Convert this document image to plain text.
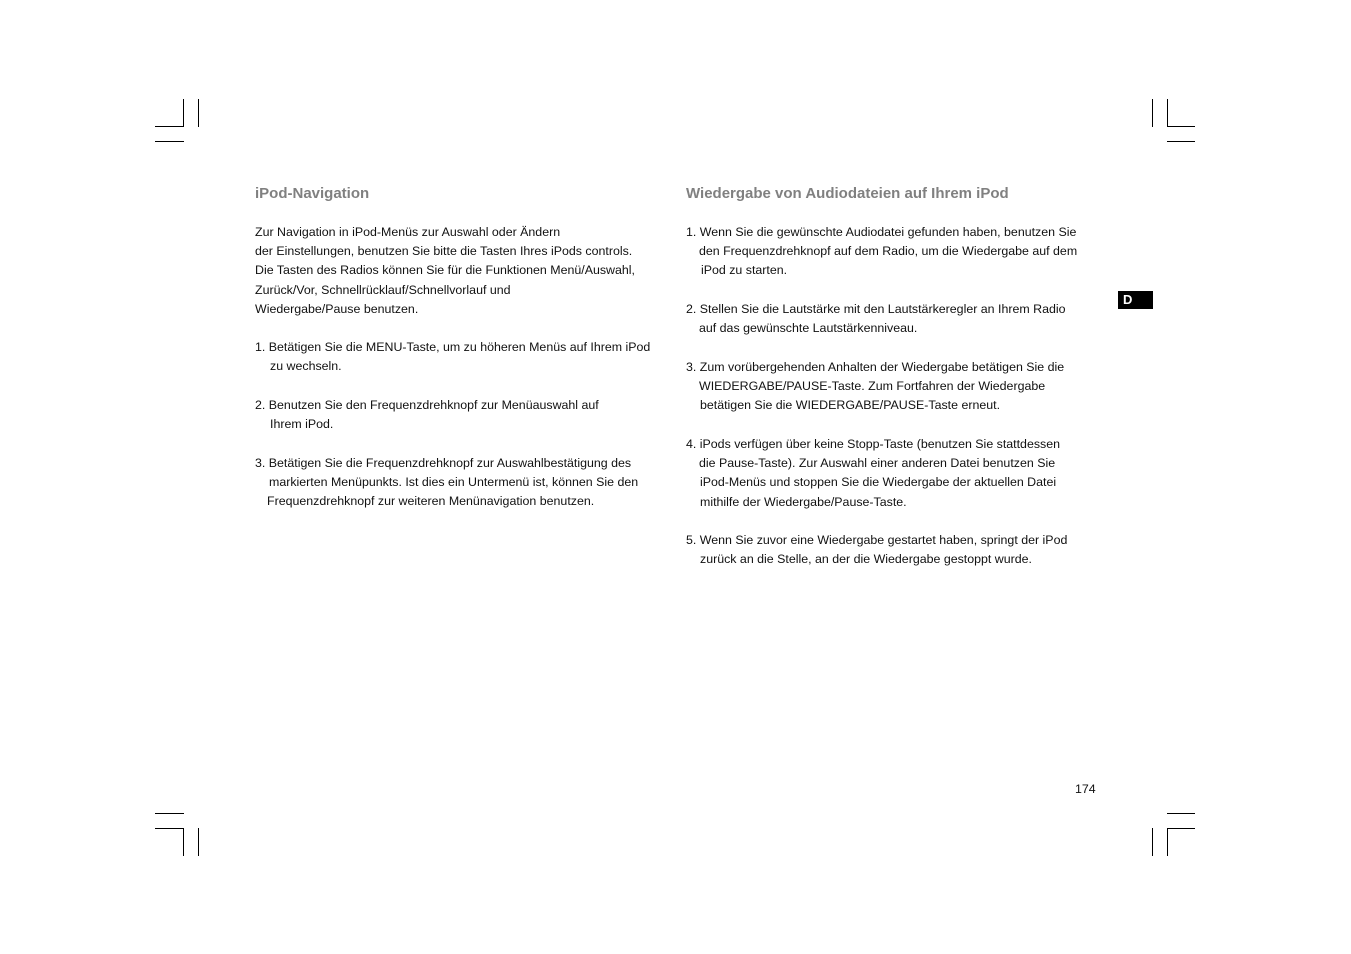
iPod-Navigation
Zur Navigation in iPod-Menüs zur Auswahl oder Ändern
der Einstellungen, benutzen Sie bitte die Tasten Ihres iPods controls.
Die Tasten des Radios können Sie für die Funktionen Menü/Auswahl,
Zurück/Vor, Schnellrücklauf/Schnellvorlauf und
Wiedergabe/Pause benutzen.
1. Betätigen Sie die MENU-Taste, um zu höheren Menüs auf Ihrem iPod
zu wechseln.
2. Benutzen Sie den Frequenzdrehknopf zur Menüauswahl auf
Ihrem iPod.
3. Betätigen Sie die Frequenzdrehknopf zur Auswahlbestätigung des
markierten Menüpunkts. Ist dies ein Untermenü ist, können Sie den
Frequenzdrehknopf zur weiteren Menünavigation benutzen.
Wiedergabe von Audiodateien auf Ihrem iPod
1. Wenn Sie die gewünschte Audiodatei gefunden haben, benutzen Sie
den Frequenzdrehknopf auf dem Radio, um die Wiedergabe auf dem
iPod zu starten.
2. Stellen Sie die Lautstärke mit den Lautstärkeregler an Ihrem Radio
auf das gewünschte Lautstärkenniveau.
3. Zum vorübergehenden Anhalten der Wiedergabe betätigen Sie die
WIEDERGABE/PAUSE-Taste. Zum Fortfahren der Wiedergabe
betätigen Sie die WIEDERGABE/PAUSE-Taste erneut.
4. iPods verfügen über keine Stopp-Taste (benutzen Sie stattdessen
die Pause-Taste). Zur Auswahl einer anderen Datei benutzen Sie
iPod-Menüs und stoppen Sie die Wiedergabe der aktuellen Datei
mithilfe der Wiedergabe/Pause-Taste.
5. Wenn Sie zuvor eine Wiedergabe gestartet haben, springt der iPod
zurück an die Stelle, an der die Wiedergabe gestoppt wurde.
D
174
